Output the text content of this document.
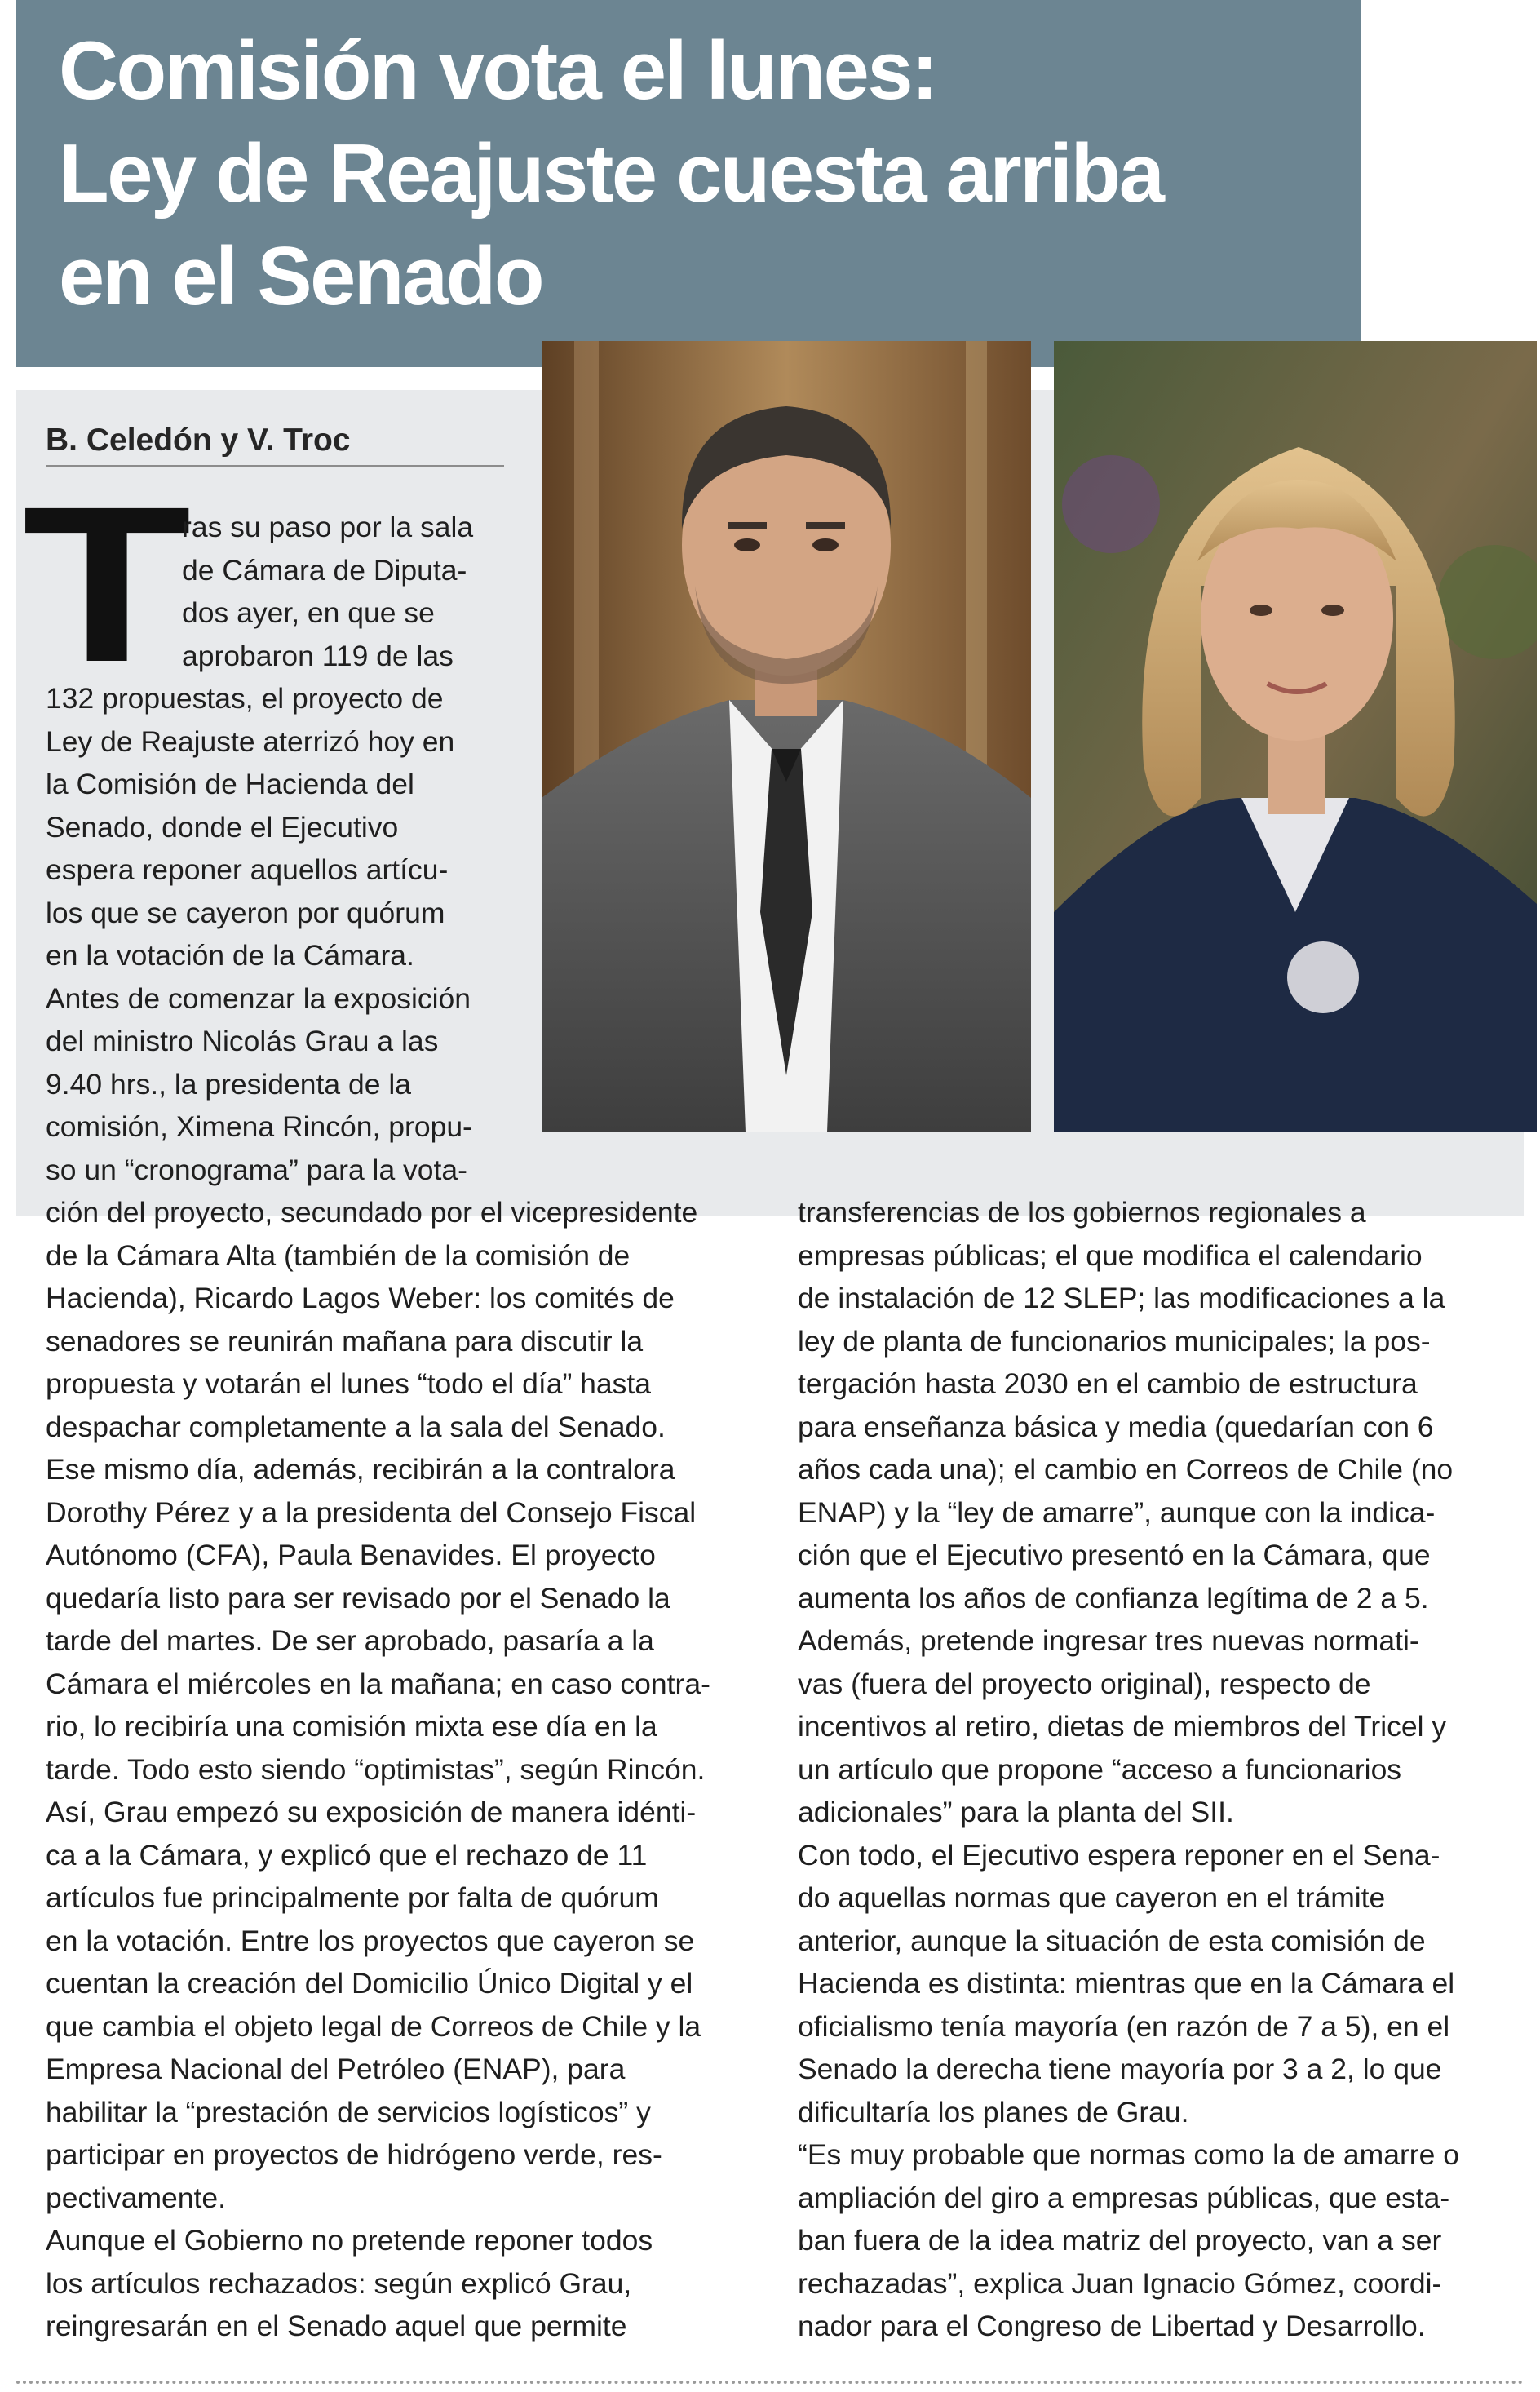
Comisión vota el lunes:
Ley de Reajuste cuesta arriba
en el Senado
B. Celedón y V. Troc
T
ras su paso por la sala
de Cámara de Diputa-
dos ayer, en que se
aprobaron 119 de las
132 propuestas, el proyecto de
Ley de Reajuste aterrizó hoy en
la Comisión de Hacienda del
Senado, donde el Ejecutivo
espera reponer aquellos artícu-
los que se cayeron por quórum
en la votación de la Cámara.
Antes de comenzar la exposición
del ministro Nicolás Grau a las
9.40 hrs., la presidenta de la
comisión, Ximena Rincón, propu-
so un “cronograma” para la vota-
ción del proyecto, secundado por el vicepresidente
de la Cámara Alta (también de la comisión de
Hacienda), Ricardo Lagos Weber: los comités de
senadores se reunirán mañana para discutir la
propuesta y votarán el lunes “todo el día” hasta
despachar completamente a la sala del Senado.
Ese mismo día, además, recibirán a la contralora
Dorothy Pérez y a la presidenta del Consejo Fiscal
Autónomo (CFA), Paula Benavides. El proyecto
quedaría listo para ser revisado por el Senado la
tarde del martes. De ser aprobado, pasaría a la
Cámara el miércoles en la mañana; en caso contra-
rio, lo recibiría una comisión mixta ese día en la
tarde. Todo esto siendo “optimistas”, según Rincón.
Así, Grau empezó su exposición de manera idénti-
ca a la Cámara, y explicó que el rechazo de 11
artículos fue principalmente por falta de quórum
en la votación. Entre los proyectos que cayeron se
cuentan la creación del Domicilio Único Digital y el
que cambia el objeto legal de Correos de Chile y la
Empresa Nacional del Petróleo (ENAP), para
habilitar la “prestación de servicios logísticos” y
participar en proyectos de hidrógeno verde, res-
pectivamente.
Aunque el Gobierno no pretende reponer todos
los artículos rechazados: según explicó Grau,
reingresarán en el Senado aquel que permite
transferencias de los gobiernos regionales a
empresas públicas; el que modifica el calendario
de instalación de 12 SLEP; las modificaciones a la
ley de planta de funcionarios municipales; la pos-
tergación hasta 2030 en el cambio de estructura
para enseñanza básica y media (quedarían con 6
años cada una); el cambio en Correos de Chile (no
ENAP) y la “ley de amarre”, aunque con la indica-
ción que el Ejecutivo presentó en la Cámara, que
aumenta los años de confianza legítima de 2 a 5.
Además, pretende ingresar tres nuevas normati-
vas (fuera del proyecto original), respecto de
incentivos al retiro, dietas de miembros del Tricel y
un artículo que propone “acceso a funcionarios
adicionales” para la planta del SII.
Con todo, el Ejecutivo espera reponer en el Sena-
do aquellas normas que cayeron en el trámite
anterior, aunque la situación de esta comisión de
Hacienda es distinta: mientras que en la Cámara el
oficialismo tenía mayoría (en razón de 7 a 5), en el
Senado la derecha tiene mayoría por 3 a 2, lo que
dificultaría los planes de Grau.
“Es muy probable que normas como la de amarre o
ampliación del giro a empresas públicas, que esta-
ban fuera de la idea matriz del proyecto, van a ser
rechazadas”, explica Juan Ignacio Gómez, coordi-
nador para el Congreso de Libertad y Desarrollo.
